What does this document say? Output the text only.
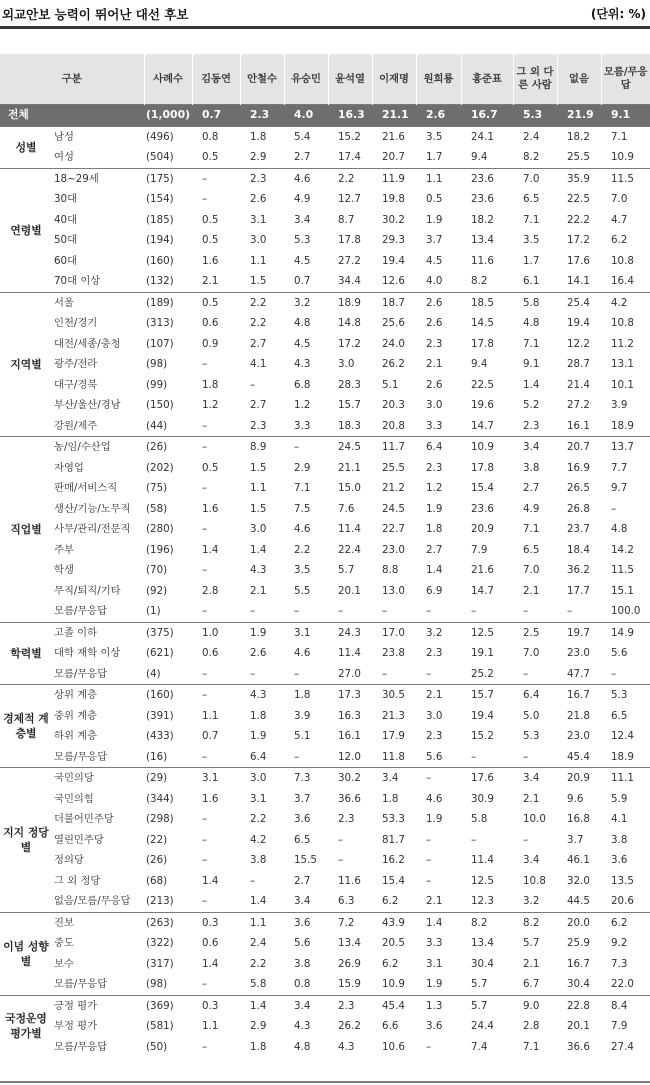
외교안보 능력이 뛰어난 대선 후보	(단위: %)
구분		사례수	김동연	안철수	유승민	윤석열	이재명	원희룡	홍준표	그 외 다른 사람	없음	모름/무응답
전체		(1,000)	0.7	2.3	4.0	16.3	21.1	2.6	16.7	5.3	21.9	9.1
성별	남성	(496)	0.8	1.8	5.4	15.2	21.6	3.5	24.1	2.4	18.2	7.1
	여성	(504)	0.5	2.9	2.7	17.4	20.7	1.7	9.4	8.2	25.5	10.9
연령별	18~29세	(175)	–	2.3	4.6	2.2	11.9	1.1	23.6	7.0	35.9	11.5
	30대	(154)	–	2.6	4.9	12.7	19.8	0.5	23.6	6.5	22.5	7.0
	40대	(185)	0.5	3.1	3.4	8.7	30.2	1.9	18.2	7.1	22.2	4.7
	50대	(194)	0.5	3.0	5.3	17.8	29.3	3.7	13.4	3.5	17.2	6.2
	60대	(160)	1.6	1.1	4.5	27.2	19.4	4.5	11.6	1.7	17.6	10.8
	70대 이상	(132)	2.1	1.5	0.7	34.4	12.6	4.0	8.2	6.1	14.1	16.4
지역별	서울	(189)	0.5	2.2	3.2	18.9	18.7	2.6	18.5	5.8	25.4	4.2
	인천/경기	(313)	0.6	2.2	4.8	14.8	25.6	2.6	14.5	4.8	19.4	10.8
	대전/세종/충청	(107)	0.9	2.7	4.5	17.2	24.0	2.3	17.8	7.1	12.2	11.2
	광주/전라	(98)	–	4.1	4.3	3.0	26.2	2.1	9.4	9.1	28.7	13.1
	대구/경북	(99)	1.8	–	6.8	28.3	5.1	2.6	22.5	1.4	21.4	10.1
	부산/울산/경남	(150)	1.2	2.7	1.2	15.7	20.3	3.0	19.6	5.2	27.2	3.9
	강원/제주	(44)	–	2.3	3.3	18.3	20.8	3.3	14.7	2.3	16.1	18.9
직업별	농/임/수산업	(26)	–	8.9	–	24.5	11.7	6.4	10.9	3.4	20.7	13.7
	자영업	(202)	0.5	1.5	2.9	21.1	25.5	2.3	17.8	3.8	16.9	7.7
	판매/서비스직	(75)	–	1.1	7.1	15.0	21.2	1.2	15.4	2.7	26.5	9.7
	생산/기능/노무직	(58)	1.6	1.5	7.5	7.6	24.5	1.9	23.6	4.9	26.8	–
	사무/관리/전문직	(280)	–	3.0	4.6	11.4	22.7	1.8	20.9	7.1	23.7	4.8
	주부	(196)	1.4	1.4	2.2	22.4	23.0	2.7	7.9	6.5	18.4	14.2
	학생	(70)	–	4.3	3.5	5.7	8.8	1.4	21.6	7.0	36.2	11.5
	무직/퇴직/기타	(92)	2.8	2.1	5.5	20.1	13.0	6.9	14.7	2.1	17.7	15.1
	모름/무응답	(1)	–	–	–	–	–	–	–	–	–	100.0
학력별	고졸 이하	(375)	1.0	1.9	3.1	24.3	17.0	3.2	12.5	2.5	19.7	14.9
	대학 재학 이상	(621)	0.6	2.6	4.6	11.4	23.8	2.3	19.1	7.0	23.0	5.6
	모름/무응답	(4)	–	–	–	27.0	–	–	25.2	–	47.7	–
경제적 계층별	상위 계층	(160)	–	4.3	1.8	17.3	30.5	2.1	15.7	6.4	16.7	5.3
	중위 계층	(391)	1.1	1.8	3.9	16.3	21.3	3.0	19.4	5.0	21.8	6.5
	하위 계층	(433)	0.7	1.9	5.1	16.1	17.9	2.3	15.2	5.3	23.0	12.4
	모름/무응답	(16)	–	6.4	–	12.0	11.8	5.6	–	–	45.4	18.9
지지 정당별	국민의당	(29)	3.1	3.0	7.3	30.2	3.4	–	17.6	3.4	20.9	11.1
	국민의힘	(344)	1.6	3.1	3.7	36.6	1.8	4.6	30.9	2.1	9.6	5.9
	더불어민주당	(298)	–	2.2	3.6	2.3	53.3	1.9	5.8	10.0	16.8	4.1
	열린민주당	(22)	–	4.2	6.5	–	81.7	–	–	–	3.7	3.8
	정의당	(26)	–	3.8	15.5	–	16.2	–	11.4	3.4	46.1	3.6
	그 외 정당	(68)	1.4	–	2.7	11.6	15.4	–	12.5	10.8	32.0	13.5
	없음/모름/무응답	(213)	–	1.4	3.4	6.3	6.2	2.1	12.3	3.2	44.5	20.6
이념 성향별	진보	(263)	0.3	1.1	3.6	7.2	43.9	1.4	8.2	8.2	20.0	6.2
	중도	(322)	0.6	2.4	5.6	13.4	20.5	3.3	13.4	5.7	25.9	9.2
	보수	(317)	1.4	2.2	3.8	26.9	6.2	3.1	30.4	2.1	16.7	7.3
	모름/무응답	(98)	–	5.8	0.8	15.9	10.9	1.9	5.7	6.7	30.4	22.0
국정운영 평가별	긍정 평가	(369)	0.3	1.4	3.4	2.3	45.4	1.3	5.7	9.0	22.8	8.4
	부정 평가	(581)	1.1	2.9	4.3	26.2	6.6	3.6	24.4	2.8	20.1	7.9
	모름/무응답	(50)	–	1.8	4.8	4.3	10.6	–	7.4	7.1	36.6	27.4
